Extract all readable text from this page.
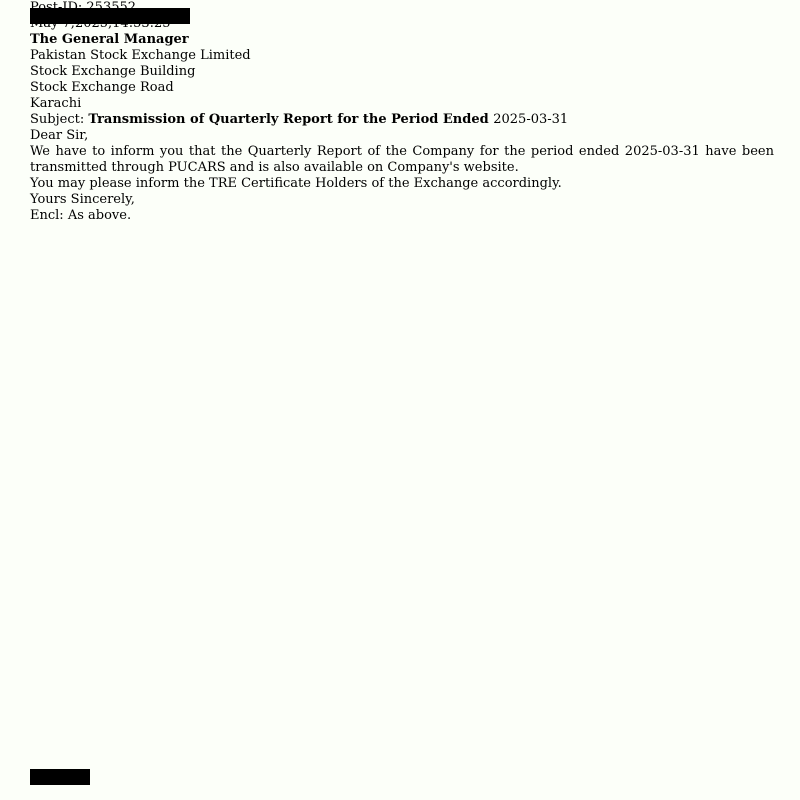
Post-ID: 253552
May 7,2025,14:53:25

The General Manager
Pakistan Stock Exchange Limited
Stock Exchange Building
Stock Exchange Road
Karachi

Subject: Transmission of Quarterly Report for the Period Ended 2025-03-31

Dear Sir,

We have to inform you that the Quarterly Report of the Company for the period ended 2025-03-31 have been transmitted through PUCARS and is also available on Company's website.
You may please inform the TRE Certificate Holders of the Exchange accordingly.

Yours Sincerely,

Encl: As above.
